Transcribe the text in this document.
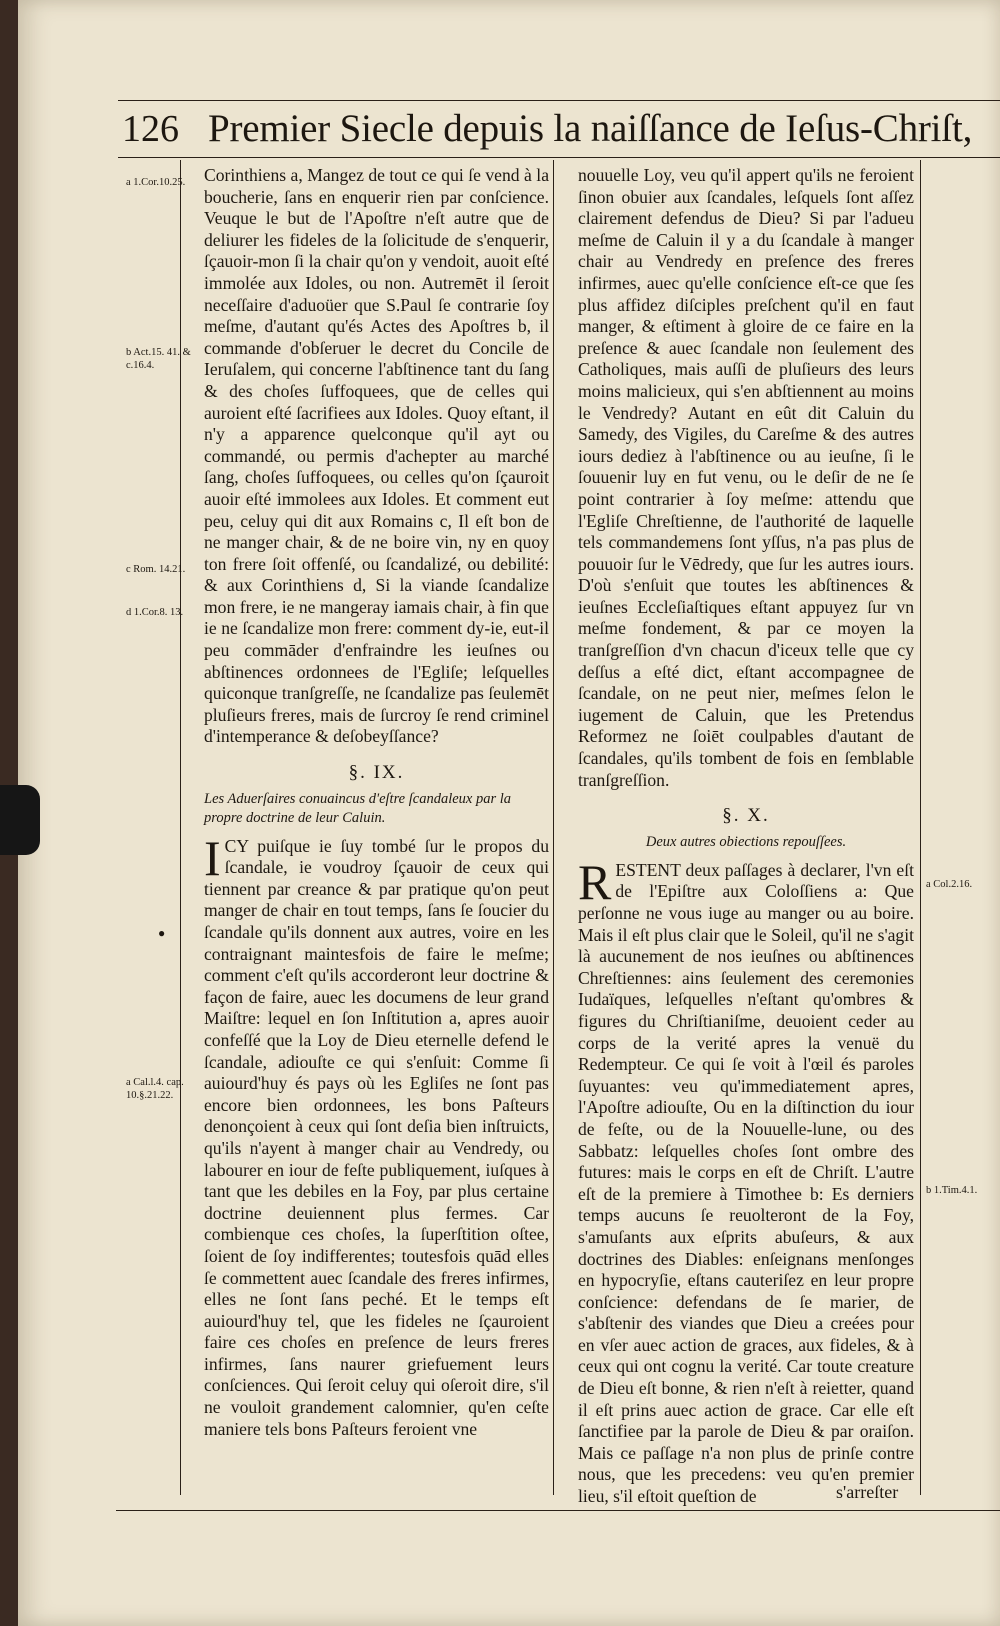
126 Premier Siecle depuis la naiſſance de Ieſus-Chriſt,
a 1.Cor.10.25.
b Act.15. 41. & c.16.4.
c Rom. 14.21.
d 1.Cor.8. 13.
a Cal.l.4. cap. 10.§.21.22.
●
a Col.2.16.
b 1.Tim.4.1.

Corinthiens a, Mangez de tout ce qui ſe vend à la boucherie, ſans en enquerir rien par conſcience. Veuque le but de l'Apoſtre n'eſt autre que de deliurer les fideles de la ſolicitude de s'enquerir, ſçauoir-mon ſi la chair qu'on y vendoit, auoit eſté immolée aux Idoles, ou non. Autremēt il ſeroit neceſſaire d'aduoüer que S.Paul ſe contrarie ſoy meſme, d'autant qu'és Actes des Apoſtres b, il commande d'obſeruer le decret du Concile de Ieruſalem, qui concerne l'abſtinence tant du ſang & des choſes ſuffoquees, que de celles qui auroient eſté ſacrifiees aux Idoles. Quoy eſtant, il n'y a apparence quelconque qu'il ayt ou commandé, ou permis d'achepter au marché ſang, choſes ſuffoquees, ou celles qu'on ſçauroit auoir eſté immolees aux Idoles. Et comment eut peu, celuy qui dit aux Romains c, Il eſt bon de ne manger chair, & de ne boire vin, ny en quoy ton frere ſoit offenſé, ou ſcandalizé, ou debilité: & aux Corinthiens d, Si la viande ſcandalize mon frere, ie ne mangeray iamais chair, à fin que ie ne ſcandalize mon frere: comment dy-ie, eut-il peu commāder d'enfraindre les ieuſnes ou abſtinences ordonnees de l'Egliſe; leſquelles quiconque tranſgreſſe, ne ſcandalize pas ſeulemēt pluſieurs freres, mais de ſurcroy ſe rend criminel d'intemperance & deſobeyſſance?

§. IX.
Les Aduerſaires conuaincus d'eſtre ſcandaleux par la propre doctrine de leur Caluin.

ICY puiſque ie ſuy tombé ſur le propos du ſcandale, ie voudroy ſçauoir de ceux qui tiennent par creance & par pratique qu'on peut manger de chair en tout temps, ſans ſe ſoucier du ſcandale qu'ils donnent aux autres, voire en les contraignant maintesfois de faire le meſme; comment c'eſt qu'ils accorderont leur doctrine & façon de faire, auec les documens de leur grand Maiſtre: lequel en ſon Inſtitution a, apres auoir confeſſé que la Loy de Dieu eternelle defend le ſcandale, adiouſte ce qui s'enſuit: Comme ſi auiourd'huy és pays où les Egliſes ne ſont pas encore bien ordonnees, les bons Paſteurs denonçoient à ceux qui ſont deſia bien inſtruicts, qu'ils n'ayent à manger chair au Vendredy, ou labourer en iour de feſte publiquement, iuſques à tant que les debiles en la Foy, par plus certaine doctrine deuiennent plus fermes. Car combienque ces choſes, la ſuperſtition oſtee, ſoient de ſoy indifferentes; toutesfois quād elles ſe commettent auec ſcandale des freres infirmes, elles ne ſont ſans peché. Et le temps eſt auiourd'huy tel, que les fideles ne ſçauroient faire ces choſes en preſence de leurs freres infirmes, ſans naurer griefuement leurs conſciences. Qui ſeroit celuy qui oſeroit dire, s'il ne vouloit grandement calomnier, qu'en ceſte maniere tels bons Paſteurs feroient vne

nouuelle Loy, veu qu'il appert qu'ils ne feroient ſinon obuier aux ſcandales, leſquels ſont aſſez clairement defendus de Dieu? Si par l'adueu meſme de Caluin il y a du ſcandale à manger chair au Vendredy en preſence des freres infirmes, auec qu'elle conſcience eſt-ce que ſes plus affidez diſciples preſchent qu'il en faut manger, & eſtiment à gloire de ce faire en la preſence & auec ſcandale non ſeulement des Catholiques, mais auſſi de pluſieurs des leurs moins malicieux, qui s'en abſtiennent au moins le Vendredy? Autant en eût dit Caluin du Samedy, des Vigiles, du Careſme & des autres iours dediez à l'abſtinence ou au ieuſne, ſi le ſouuenir luy en fut venu, ou le deſir de ne ſe point contrarier à ſoy meſme: attendu que l'Egliſe Chreſtienne, de l'authorité de laquelle tels commandemens ſont yſſus, n'a pas plus de pouuoir ſur le Vēdredy, que ſur les autres iours. D'où s'enſuit que toutes les abſtinences & ieuſnes Eccleſiaſtiques eſtant appuyez ſur vn meſme fondement, & par ce moyen la tranſgreſſion d'vn chacun d'iceux telle que cy deſſus a eſté dict, eſtant accompagnee de ſcandale, on ne peut nier, meſmes ſelon le iugement de Caluin, que les Pretendus Reformez ne ſoiēt coulpables d'autant de ſcandales, qu'ils tombent de fois en ſemblable tranſgreſſion.

§. X.
Deux autres obiections repouſſees.

RESTENT deux paſſages à declarer, l'vn eſt de l'Epiſtre aux Coloſſiens a: Que perſonne ne vous iuge au manger ou au boire. Mais il eſt plus clair que le Soleil, qu'il ne s'agit là aucunement de nos ieuſnes ou abſtinences Chreſtiennes: ains ſeulement des ceremonies Iudaïques, leſquelles n'eſtant qu'ombres & figures du Chriſtianiſme, deuoient ceder au corps de la verité apres la venuë du Redempteur. Ce qui ſe voit à l'œil és paroles ſuyuantes: veu qu'immediatement apres, l'Apoſtre adiouſte, Ou en la diſtinction du iour de feſte, ou de la Nouuelle-lune, ou des Sabbatz: leſquelles choſes ſont ombre des futures: mais le corps en eſt de Chriſt. L'autre eſt de la premiere à Timothee b: Es derniers temps aucuns ſe reuolteront de la Foy, s'amuſants aux eſprits abuſeurs, & aux doctrines des Diables: enſeignans menſonges en hypocryſie, eſtans cauteriſez en leur propre conſcience: defendans de ſe marier, de s'abſtenir des viandes que Dieu a creées pour en vſer auec action de graces, aux fideles, & à ceux qui ont cognu la verité. Car toute creature de Dieu eſt bonne, & rien n'eſt à reietter, quand il eſt prins auec action de grace. Car elle eſt ſanctifiee par la parole de Dieu & par oraiſon. Mais ce paſſage n'a non plus de prinſe contre nous, que les precedens: veu qu'en premier lieu, s'il eſtoit queſtion de	s'arreſter
